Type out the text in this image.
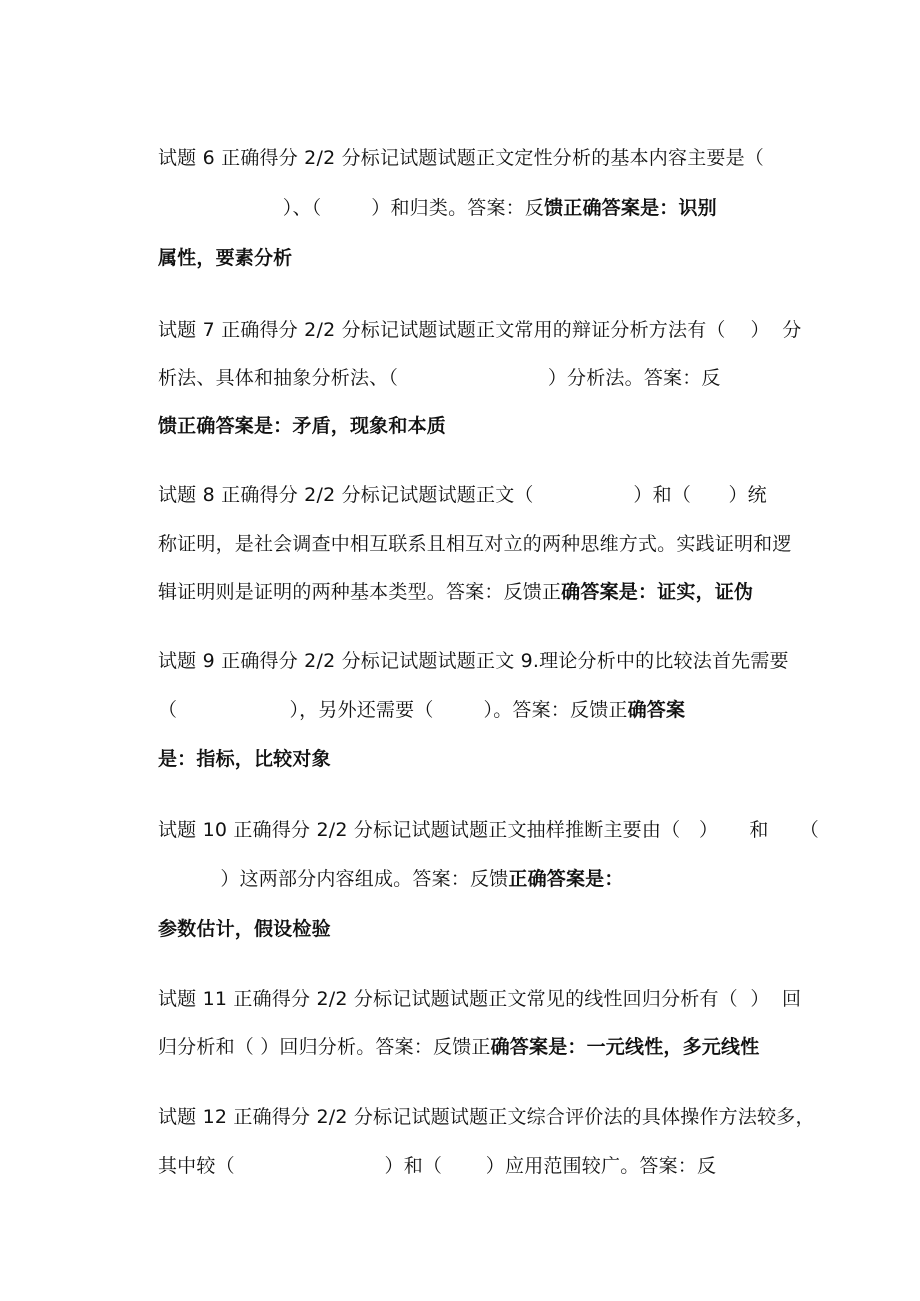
试题 6 正确得分 2/2 分标记试题试题正文定性分析的基本内容主要是（

）、（        ）和归类。答案：反馈正确答案是：识别

属性，要素分析

试题 7 正确得分 2/2 分标记试题试题正文常用的辩证分析方法有（    ）  分

析法、具体和抽象分析法、（                        ）分析法。答案：反

馈正确答案是：矛盾，现象和本质

试题 8 正确得分 2/2 分标记试题试题正文（                ）和（      ）统

称证明，是社会调查中相互联系且相互对立的两种思维方式。实践证明和逻

辑证明则是证明的两种基本类型。答案：反馈正确答案是：证实，证伪

试题 9 正确得分 2/2 分标记试题试题正文 9.理论分析中的比较法首先需要

（                  ），另外还需要（        ）。答案：反馈正确答案

是：指标，比较对象

试题 10 正确得分 2/2 分标记试题试题正文抽样推断主要由（   ）     和     （

）这两部分内容组成。答案：反馈正确答案是：

参数估计，假设检验

试题 11 正确得分 2/2 分标记试题试题正文常见的线性回归分析有（  ）  回

归分析和（ ）回归分析。答案：反馈正确答案是：一元线性，多元线性

试题 12 正确得分 2/2 分标记试题试题正文综合评价法的具体操作方法较多，

其中较（                        ）和（       ）应用范围较广。答案：反
